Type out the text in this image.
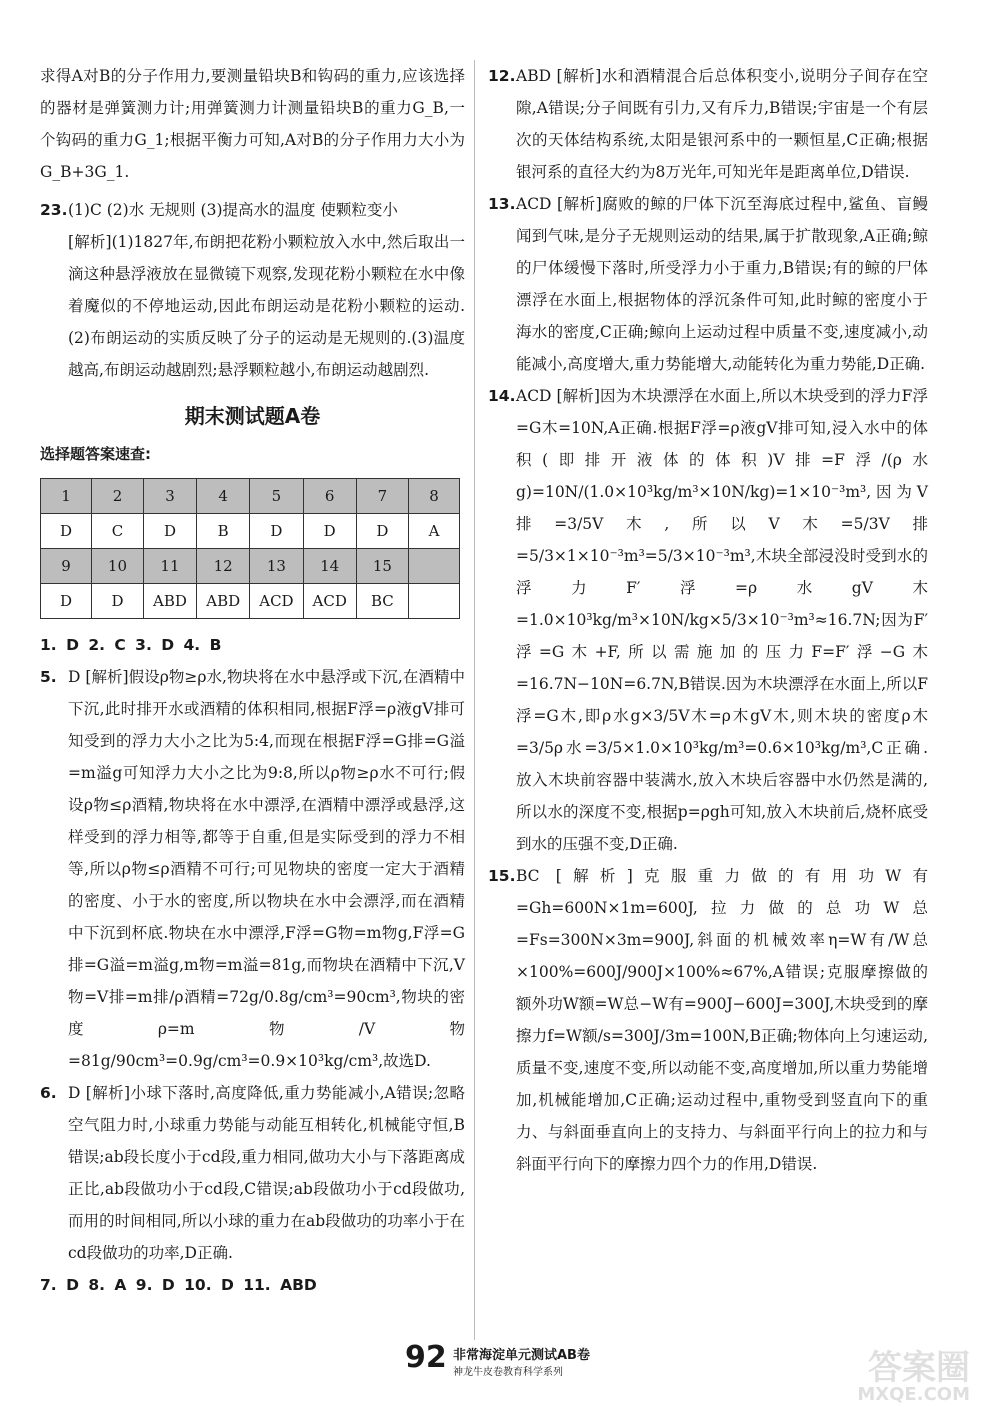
求得A对B的分子作用力,要测量铅块B和钩码的重力,应该选择的器材是弹簧测力计;用弹簧测力计测量铅块B的重力G_B,一个钩码的重力G_1;根据平衡力可知,A对B的分子作用力大小为G_B+3G_1.

23. (1)C (2)水 无规则 (3)提高水的温度 使颗粒变小

[解析](1)1827年,布朗把花粉小颗粒放入水中,然后取出一滴这种悬浮液放在显微镜下观察,发现花粉小颗粒在水中像着魔似的不停地运动,因此布朗运动是花粉小颗粒的运动.(2)布朗运动的实质反映了分子的运动是无规则的.(3)温度越高,布朗运动越剧烈;悬浮颗粒越小,布朗运动越剧烈.

期末测试题A卷
选择题答案速查:
1	2	3	4	5	6	7	8
D	C	D	B	D	D	D	A
9	10	11	12	13	14	15	
D	D	ABD	ABD	ACD	ACD	BC	

1. D 2. C 3. D 4. B

5. D [解析]假设ρ物≥ρ水,物块将在水中悬浮或下沉,在酒精中下沉,此时排开水或酒精的体积相同,根据F浮=ρ液gV排可知受到的浮力大小之比为5:4,而现在根据F浮=G排=G溢=m溢g可知浮力大小之比为9:8,所以ρ物≥ρ水不可行;假设ρ物≤ρ酒精,物块将在水中漂浮,在酒精中漂浮或悬浮,这样受到的浮力相等,都等于自重,但是实际受到的浮力不相等,所以ρ物≤ρ酒精不可行;可见物块的密度一定大于酒精的密度、小于水的密度,所以物块在水中会漂浮,而在酒精中下沉到杯底.物块在水中漂浮,F浮=G物=m物g,F浮=G排=G溢=m溢g,m物=m溢=81g,而物块在酒精中下沉,V物=V排=m排/ρ酒精=72g/0.8g/cm³=90cm³,物块的密度ρ=m物/V物=81g/90cm³=0.9g/cm³=0.9×10³kg/cm³,故选D.

6. D [解析]小球下落时,高度降低,重力势能减小,A错误;忽略空气阻力时,小球重力势能与动能互相转化,机械能守恒,B错误;ab段长度小于cd段,重力相同,做功大小与下落距离成正比,ab段做功小于cd段,C错误;ab段做功小于cd段做功,而用的时间相同,所以小球的重力在ab段做功的功率小于在cd段做功的功率,D正确.

7. D 8. A 9. D 10. D 11. ABD

12. ABD [解析]水和酒精混合后总体积变小,说明分子间存在空隙,A错误;分子间既有引力,又有斥力,B错误;宇宙是一个有层次的天体结构系统,太阳是银河系中的一颗恒星,C正确;根据银河系的直径大约为8万光年,可知光年是距离单位,D错误.

13. ACD [解析]腐败的鲸的尸体下沉至海底过程中,鲨鱼、盲鳗闻到气味,是分子无规则运动的结果,属于扩散现象,A正确;鲸的尸体缓慢下落时,所受浮力小于重力,B错误;有的鲸的尸体漂浮在水面上,根据物体的浮沉条件可知,此时鲸的密度小于海水的密度,C正确;鲸向上运动过程中质量不变,速度减小,动能减小,高度增大,重力势能增大,动能转化为重力势能,D正确.

14. ACD [解析]因为木块漂浮在水面上,所以木块受到的浮力F浮=G木=10N,A正确.根据F浮=ρ液gV排可知,浸入水中的体积(即排开液体的体积)V排=F浮/(ρ水g)=10N/(1.0×10³kg/m³×10N/kg)=1×10⁻³m³,因为V排=3/5V木,所以V木=5/3V排=5/3×1×10⁻³m³=5/3×10⁻³m³,木块全部浸没时受到水的浮力F′浮=ρ水gV木=1.0×10³kg/m³×10N/kg×5/3×10⁻³m³≈16.7N;因为F′浮=G木+F,所以需施加的压力F=F′浮−G木=16.7N−10N=6.7N,B错误.因为木块漂浮在水面上,所以F浮=G木,即ρ水g×3/5V木=ρ木gV木,则木块的密度ρ木=3/5ρ水=3/5×1.0×10³kg/m³=0.6×10³kg/m³,C正确.放入木块前容器中装满水,放入木块后容器中水仍然是满的,所以水的深度不变,根据p=ρgh可知,放入木块前后,烧杯底受到水的压强不变,D正确.

15. BC [解析]克服重力做的有用功W有=Gh=600N×1m=600J,拉力做的总功W总=Fs=300N×3m=900J,斜面的机械效率η=W有/W总×100%=600J/900J×100%≈67%,A错误;克服摩擦做的额外功W额=W总−W有=900J−600J=300J,木块受到的摩擦力f=W额/s=300J/3m=100N,B正确;物体向上匀速运动,质量不变,速度不变,所以动能不变,高度增加,所以重力势能增加,机械能增加,C正确;运动过程中,重物受到竖直向下的重力、与斜面垂直向上的支持力、与斜面平行向上的拉力和与斜面平行向下的摩擦力四个力的作用,D错误.

92 非常海淀单元测试AB卷
神龙牛皮卷教育科学系列	答案圈
MXQE.COM
